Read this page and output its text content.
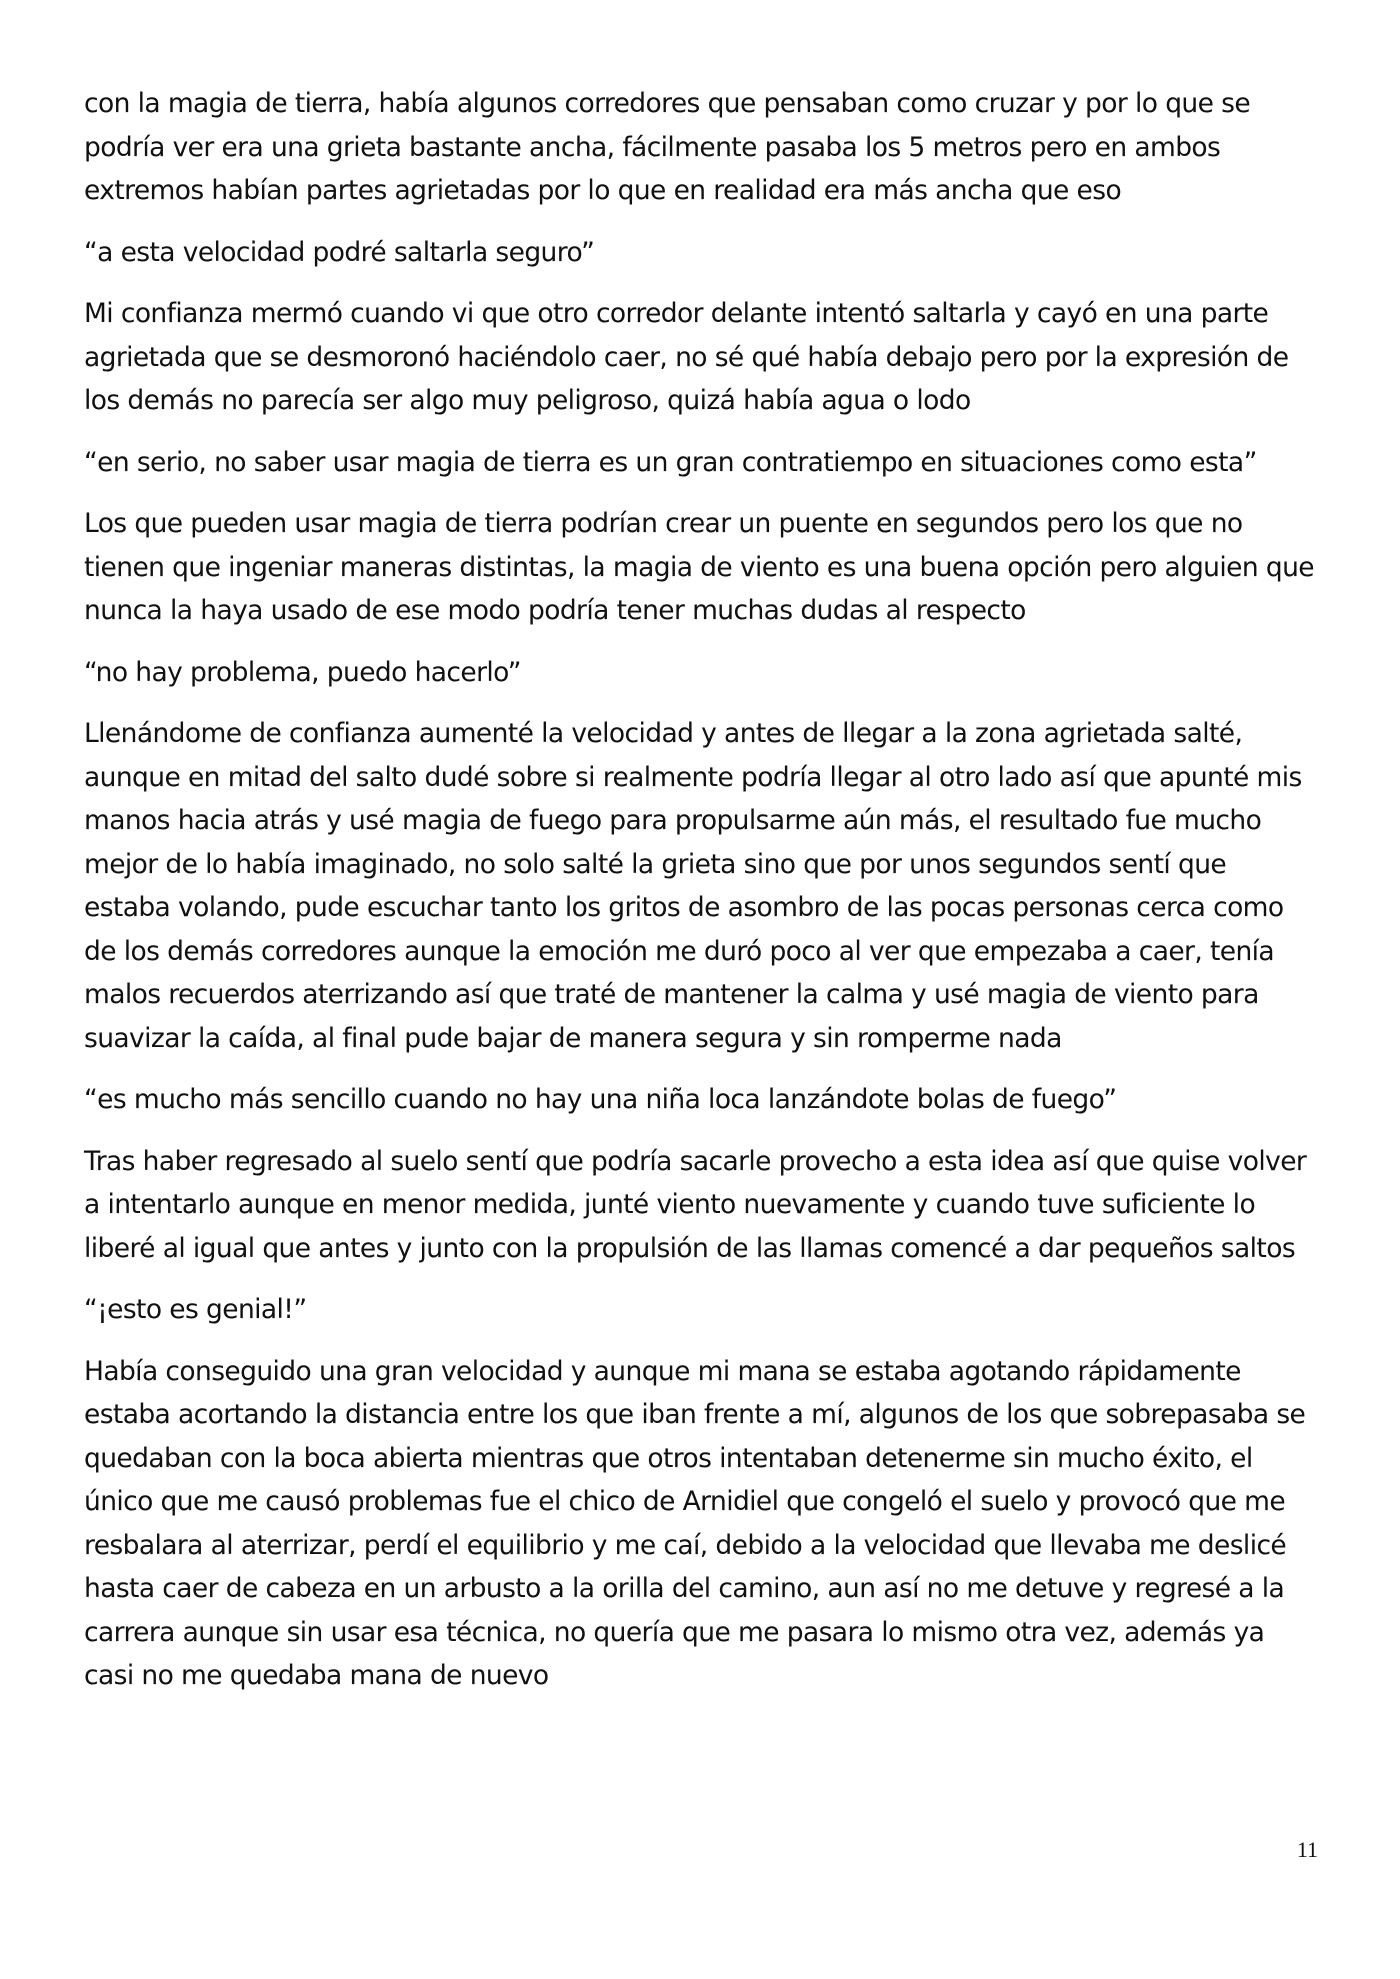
con la magia de tierra, había algunos corredores que pensaban como cruzar y por lo que se podría ver era una grieta bastante ancha, fácilmente pasaba los 5 metros pero en ambos extremos habían partes agrietadas por lo que en realidad era más ancha que eso

“a esta velocidad podré saltarla seguro”

Mi confianza mermó cuando vi que otro corredor delante intentó saltarla y cayó en una parte agrietada que se desmoronó haciéndolo caer, no sé qué había debajo pero por la expresión de los demás no parecía ser algo muy peligroso, quizá había agua o lodo

“en serio, no saber usar magia de tierra es un gran contratiempo en situaciones como esta”

Los que pueden usar magia de tierra podrían crear un puente en segundos pero los que no tienen que ingeniar maneras distintas, la magia de viento es una buena opción pero alguien que nunca la haya usado de ese modo podría tener muchas dudas al respecto

“no hay problema, puedo hacerlo”

Llenándome de confianza aumenté la velocidad y antes de llegar a la zona agrietada salté, aunque en mitad del salto dudé sobre si realmente podría llegar al otro lado así que apunté mis manos hacia atrás y usé magia de fuego para propulsarme aún más, el resultado fue mucho mejor de lo había imaginado, no solo salté la grieta sino que por unos segundos sentí que estaba volando, pude escuchar tanto los gritos de asombro de las pocas personas cerca como de los demás corredores aunque la emoción me duró poco al ver que empezaba a caer, tenía malos recuerdos aterrizando así que traté de mantener la calma y usé magia de viento para suavizar la caída, al final pude bajar de manera segura y sin romperme nada

“es mucho más sencillo cuando no hay una niña loca lanzándote bolas de fuego”

Tras haber regresado al suelo sentí que podría sacarle provecho a esta idea así que quise volver a intentarlo aunque en menor medida, junté viento nuevamente y cuando tuve suficiente lo liberé al igual que antes y junto con la propulsión de las llamas comencé a dar pequeños saltos

“¡esto es genial!”

Había conseguido una gran velocidad y aunque mi mana se estaba agotando rápidamente estaba acortando la distancia entre los que iban frente a mí, algunos de los que sobrepasaba se quedaban con la boca abierta mientras que otros intentaban detenerme sin mucho éxito, el único que me causó problemas fue el chico de Arnidiel que congeló el suelo y provocó que me resbalara al aterrizar, perdí el equilibrio y me caí, debido a la velocidad que llevaba me deslicé hasta caer de cabeza en un arbusto a la orilla del camino, aun así no me detuve y regresé a la carrera aunque sin usar esa técnica, no quería que me pasara lo mismo otra vez, además ya casi no me quedaba mana de nuevo

11
